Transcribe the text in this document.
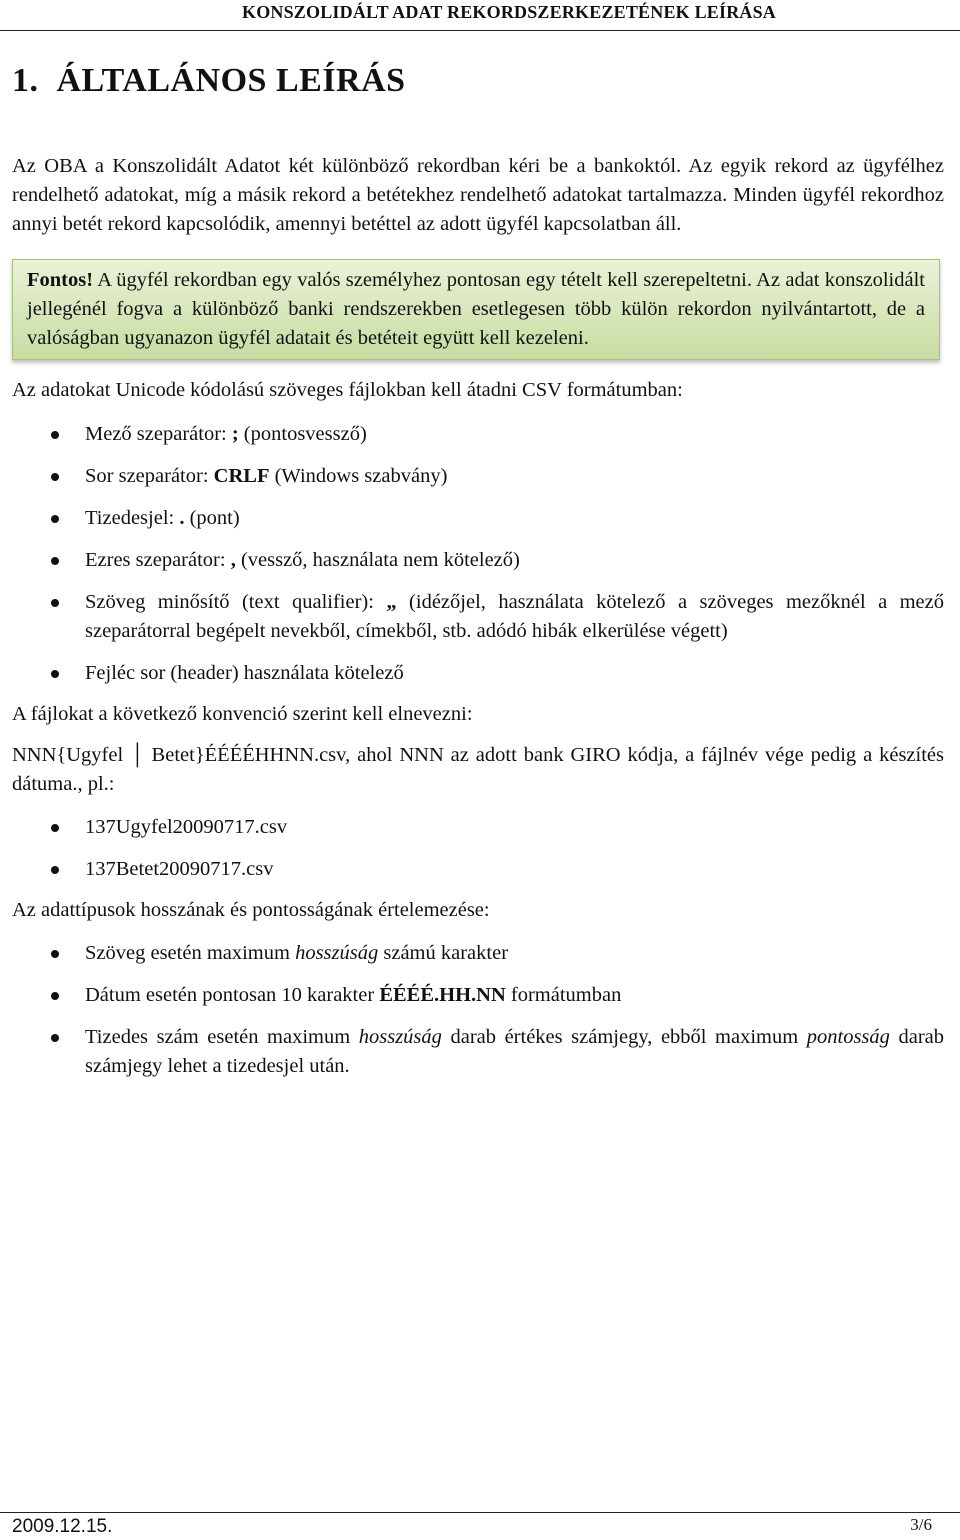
KONSZOLIDÁLT ADAT REKORDSZERKEZETÉNEK LEÍRÁSA
1. ÁLTALÁNOS LEÍRÁS

Az OBA a Konszolidált Adatot két különböző rekordban kéri be a bankoktól. Az egyik rekord az ügyfélhez rendelhető adatokat, míg a másik rekord a betétekhez rendelhető adatokat tartalmazza. Minden ügyfél rekordhoz annyi betét rekord kapcsolódik, amennyi betéttel az adott ügyfél kapcsolatban áll.

Fontos! A ügyfél rekordban egy valós személyhez pontosan egy tételt kell szerepeltetni. Az adat konszolidált jellegénél fogva a különböző banki rendszerekben esetlegesen több külön rekordon nyilvántartott, de a valóságban ugyanazon ügyfél adatait és betéteit együtt kell kezeleni.

Az adatokat Unicode kódolású szöveges fájlokban kell átadni CSV formátumban:

Mező szeparátor: ; (pontosvessző)
Sor szeparátor: CRLF (Windows szabvány)
Tizedesjel: . (pont)
Ezres szeparátor: , (vessző, használata nem kötelező)
Szöveg minősítő (text qualifier): „ (idézőjel, használata kötelező a szöveges mezőknél a mező szeparátorral begépelt nevekből, címekből, stb. adódó hibák elkerülése végett)
Fejléc sor (header) használata kötelező

A fájlokat a következő konvenció szerint kell elnevezni:

NNN{Ugyfel │ Betet}ÉÉÉÉHHNN.csv, ahol NNN az adott bank GIRO kódja, a fájlnév vége pedig a készítés dátuma., pl.:

137Ugyfel20090717.csv
137Betet20090717.csv

Az adattípusok hosszának és pontosságának értelemezése:

Szöveg esetén maximum hosszúság számú karakter
Dátum esetén pontosan 10 karakter ÉÉÉÉ.HH.NN formátumban
Tizedes szám esetén maximum hosszúság darab értékes számjegy, ebből maximum pontosság darab számjegy lehet a tizedesjel után.
2009.12.15.	3/6
